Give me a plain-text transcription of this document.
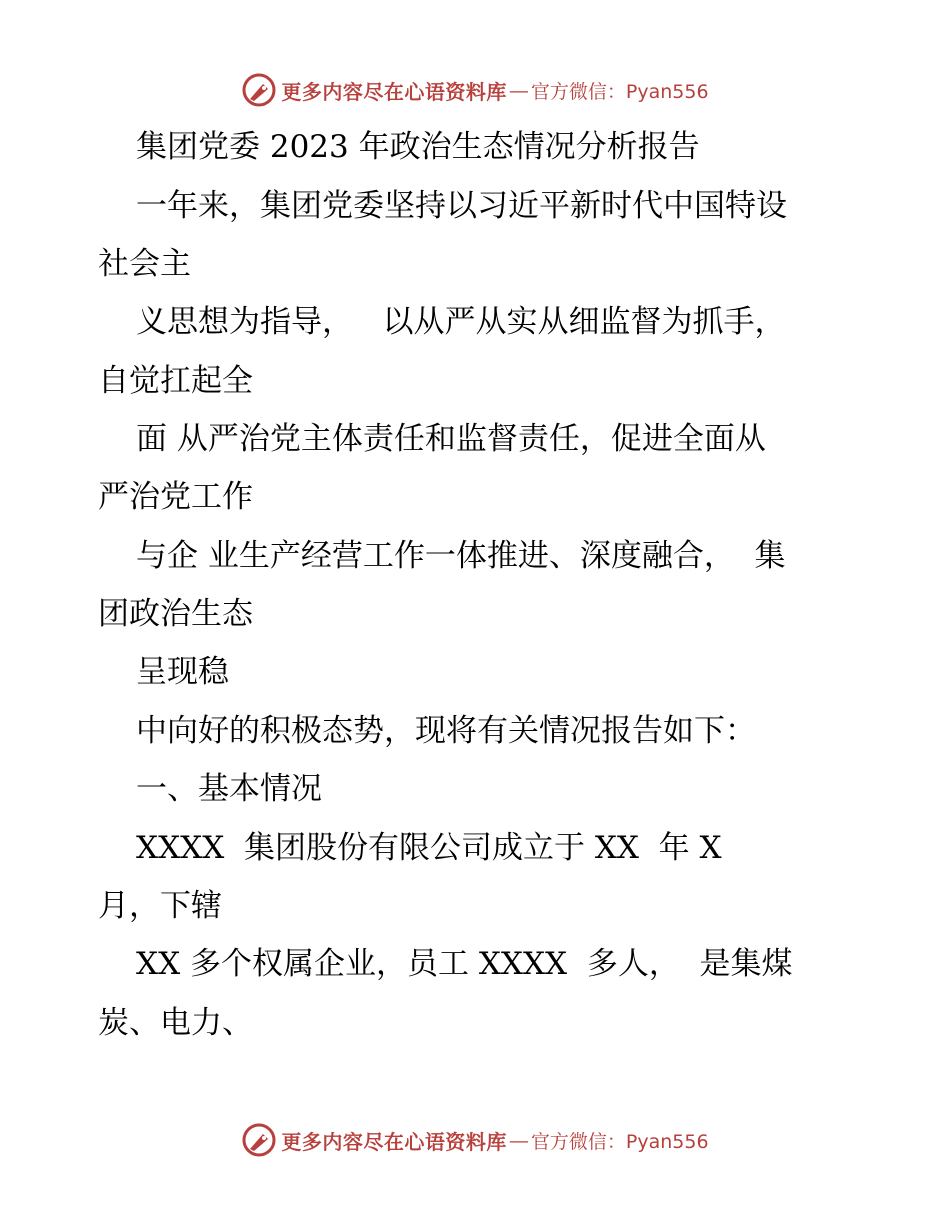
更多内容尽在心语资料库 — 官方微信：Pyan556
集团党委 2023 年政治生态情况分析报告
一年来，集团党委坚持以习近平新时代中国特设
社会主
义思想为指导，   以从严从实从细监督为抓手，
自觉扛起全
面 从严治党主体责任和监督责任，促进全面从
严治党工作
与企 业生产经营工作一体推进、深度融合，  集
团政治生态
呈现稳
中向好的积极态势，现将有关情况报告如下：
一、基本情况
XXXX  集团股份有限公司成立于 XX  年 X
月，下辖
XX 多个权属企业，员工 XXXX  多人，  是集煤
炭、电力、
更多内容尽在心语资料库 — 官方微信：Pyan556
